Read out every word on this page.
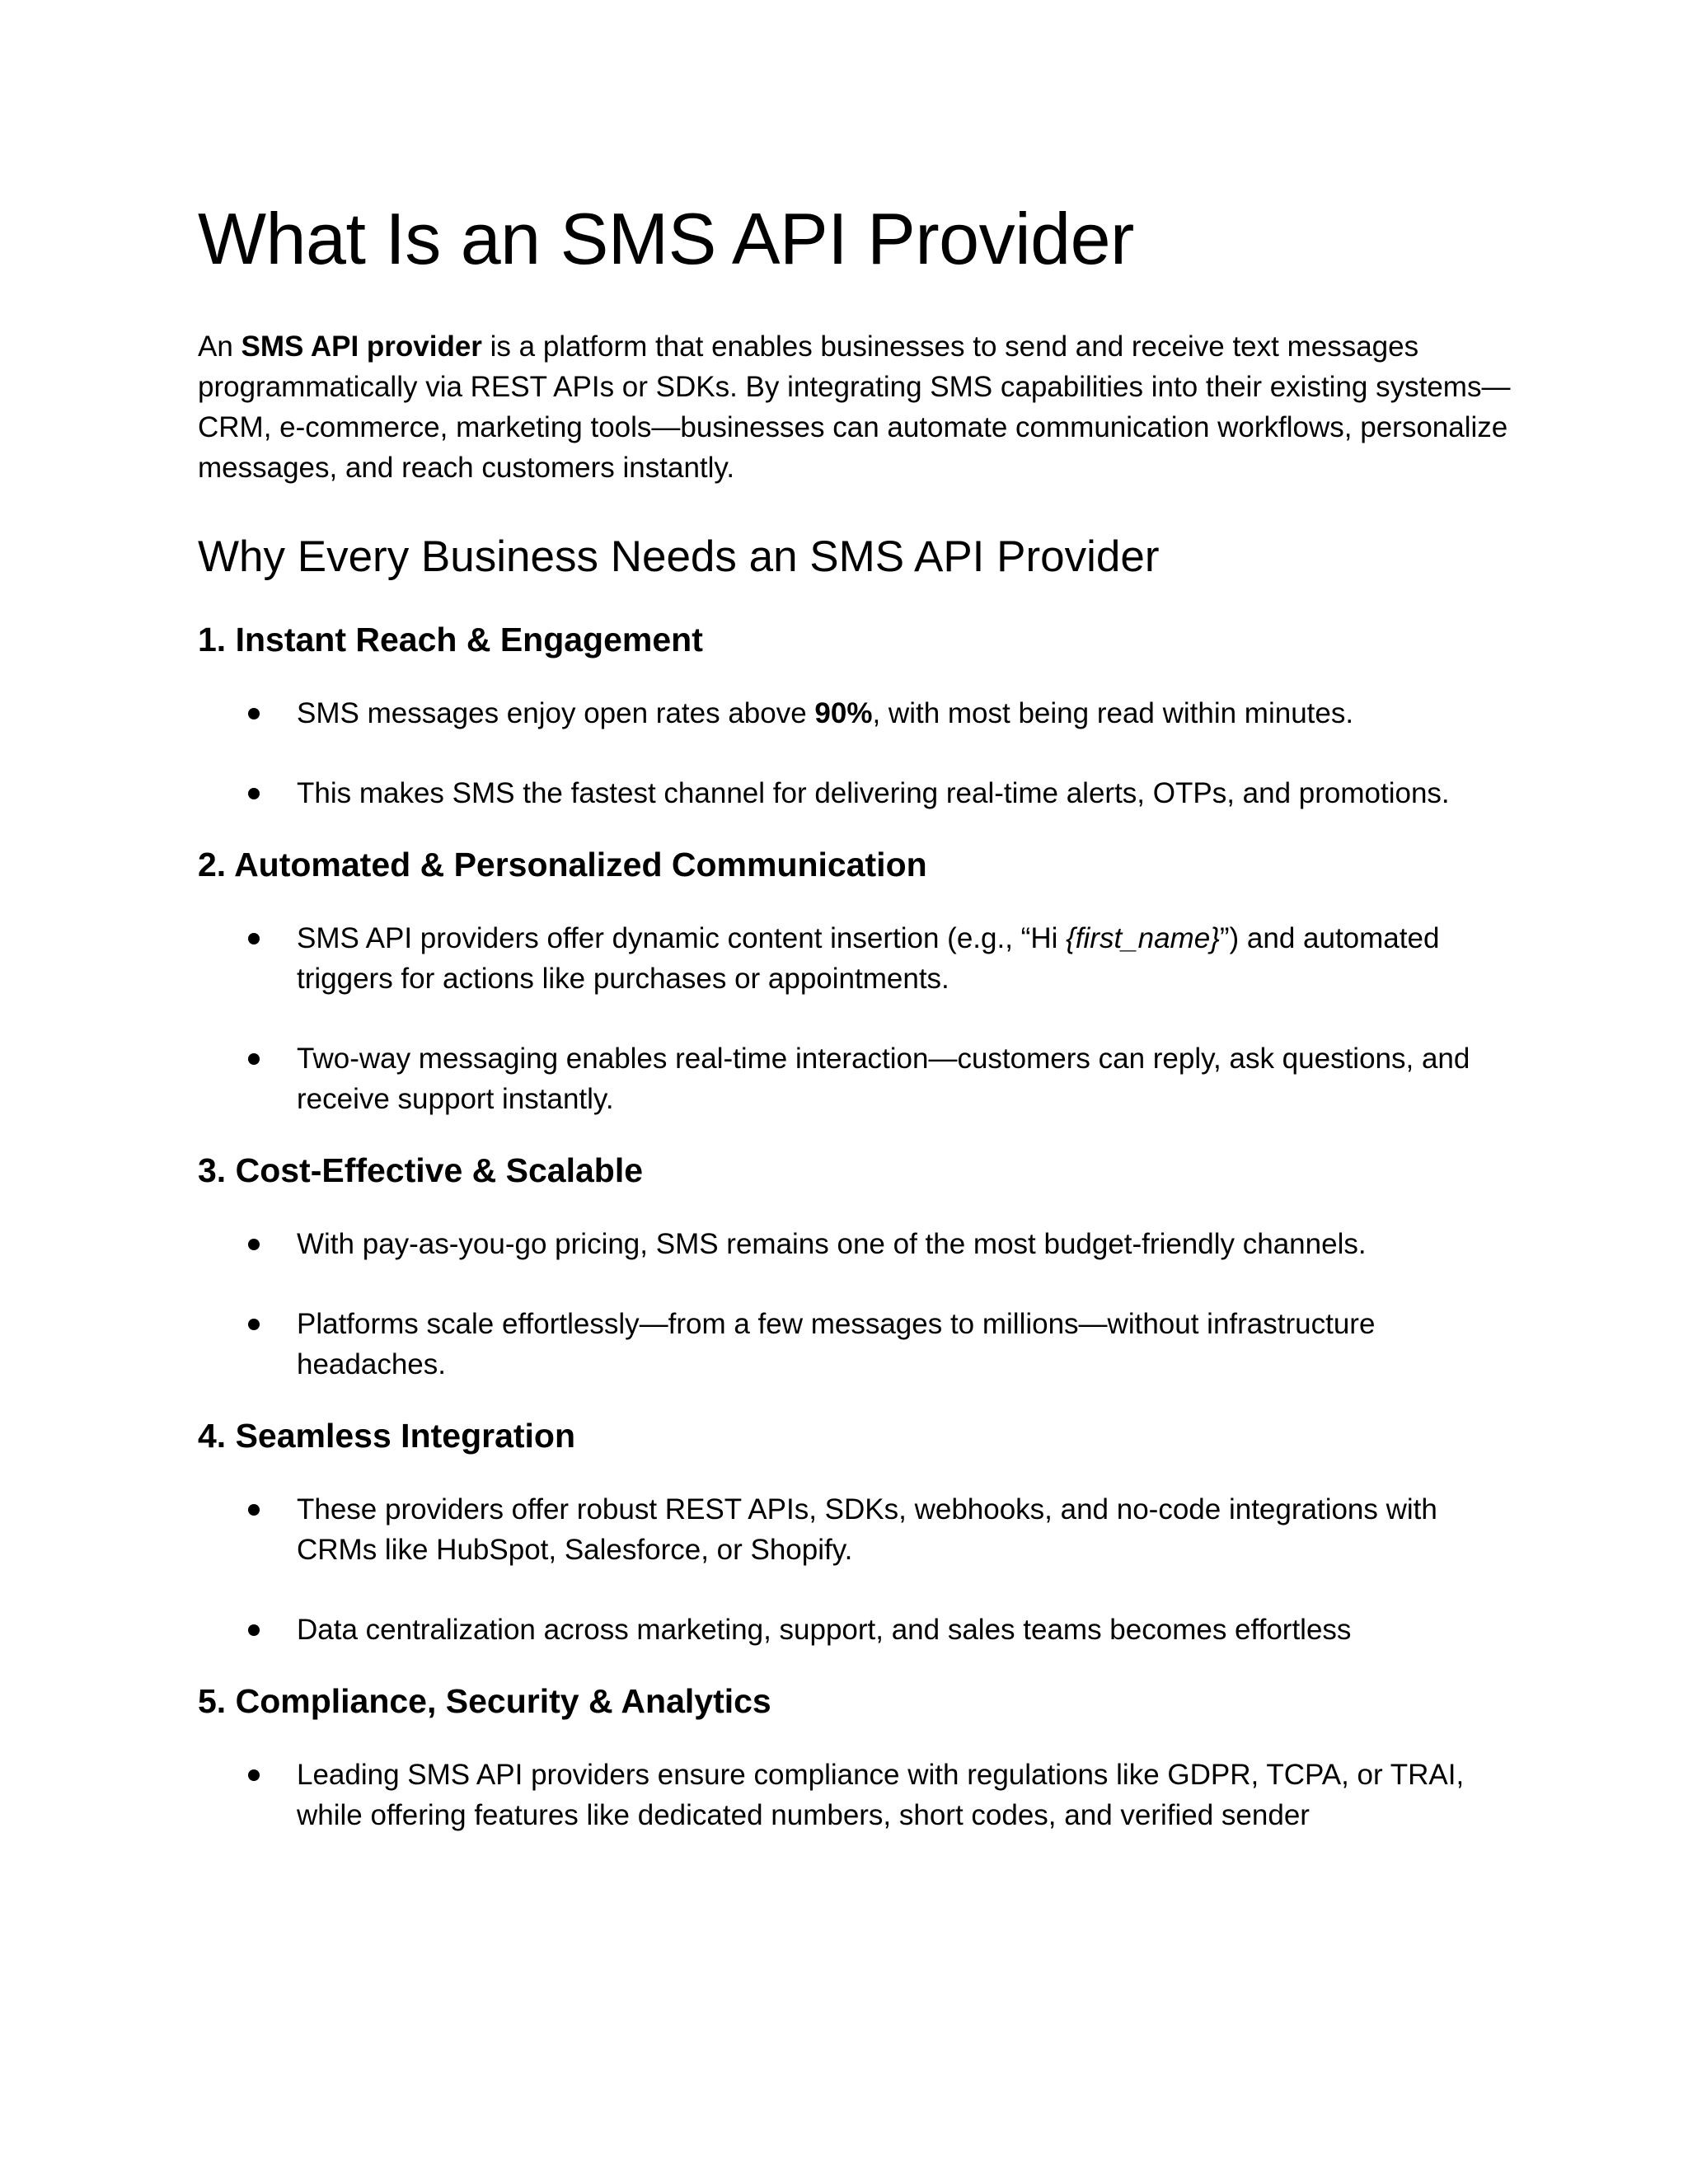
What Is an SMS API Provider

An SMS API provider is a platform that enables businesses to send and receive text messages programmatically via REST APIs or SDKs. By integrating SMS capabilities into their existing systems—CRM, e-commerce, marketing tools—businesses can automate communication workflows, personalize messages, and reach customers instantly.

Why Every Business Needs an SMS API Provider
1. Instant Reach & Engagement
SMS messages enjoy open rates above 90%, with most being read within minutes.
This makes SMS the fastest channel for delivering real-time alerts, OTPs, and promotions.
2. Automated & Personalized Communication
SMS API providers offer dynamic content insertion (e.g., “Hi {first_name}”) and automated triggers for actions like purchases or appointments.
Two-way messaging enables real-time interaction—customers can reply, ask questions, and receive support instantly.
3. Cost-Effective & Scalable
With pay-as-you-go pricing, SMS remains one of the most budget-friendly channels.
Platforms scale effortlessly—from a few messages to millions—without infrastructure headaches.
4. Seamless Integration
These providers offer robust REST APIs, SDKs, webhooks, and no-code integrations with CRMs like HubSpot, Salesforce, or Shopify.
Data centralization across marketing, support, and sales teams becomes effortless
5. Compliance, Security & Analytics
Leading SMS API providers ensure compliance with regulations like GDPR, TCPA, or TRAI, while offering features like dedicated numbers, short codes, and verified sender
